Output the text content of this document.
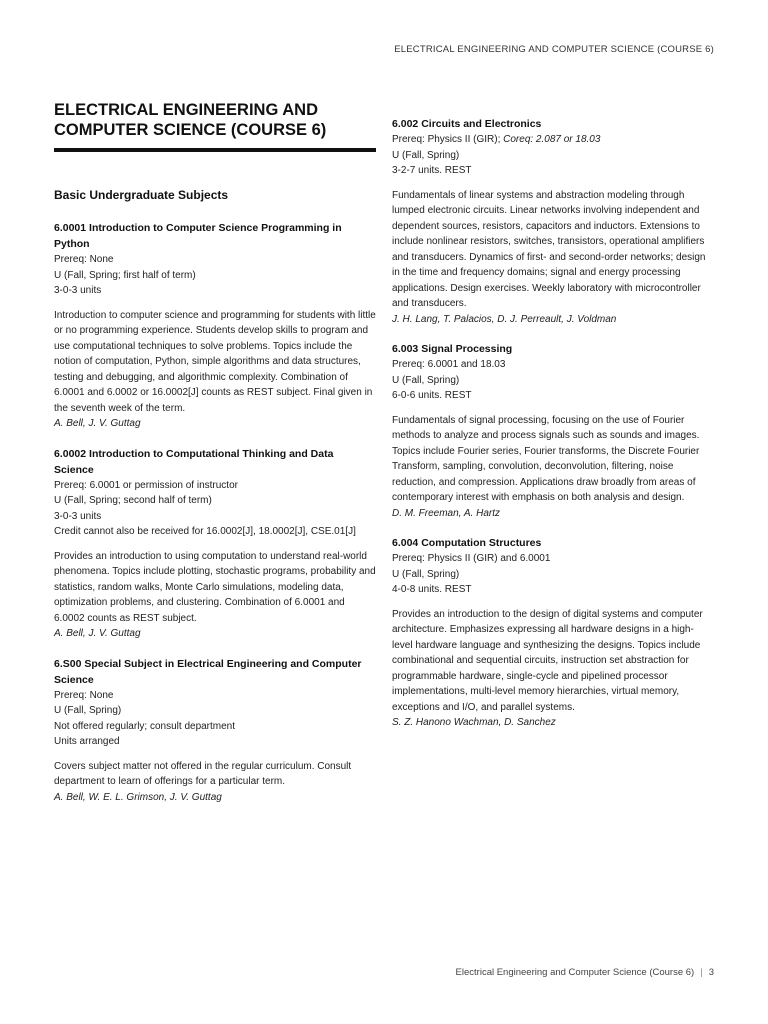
ELECTRICAL ENGINEERING AND COMPUTER SCIENCE (COURSE 6)
ELECTRICAL ENGINEERING AND COMPUTER SCIENCE (COURSE 6)
Basic Undergraduate Subjects
6.0001 Introduction to Computer Science Programming in Python
Prereq: None
U (Fall, Spring; first half of term)
3-0-3 units
Introduction to computer science and programming for students with little or no programming experience. Students develop skills to program and use computational techniques to solve problems. Topics include the notion of computation, Python, simple algorithms and data structures, testing and debugging, and algorithmic complexity. Combination of 6.0001 and 6.0002 or 16.0002[J] counts as REST subject. Final given in the seventh week of the term.
A. Bell, J. V. Guttag
6.0002 Introduction to Computational Thinking and Data Science
Prereq: 6.0001 or permission of instructor
U (Fall, Spring; second half of term)
3-0-3 units
Credit cannot also be received for 16.0002[J], 18.0002[J], CSE.01[J]
Provides an introduction to using computation to understand real-world phenomena. Topics include plotting, stochastic programs, probability and statistics, random walks, Monte Carlo simulations, modeling data, optimization problems, and clustering. Combination of 6.0001 and 6.0002 counts as REST subject.
A. Bell, J. V. Guttag
6.S00 Special Subject in Electrical Engineering and Computer Science
Prereq: None
U (Fall, Spring)
Not offered regularly; consult department
Units arranged
Covers subject matter not offered in the regular curriculum. Consult department to learn of offerings for a particular term.
A. Bell, W. E. L. Grimson, J. V. Guttag
6.002 Circuits and Electronics
Prereq: Physics II (GIR); Coreq: 2.087 or 18.03
U (Fall, Spring)
3-2-7 units. REST
Fundamentals of linear systems and abstraction modeling through lumped electronic circuits. Linear networks involving independent and dependent sources, resistors, capacitors and inductors. Extensions to include nonlinear resistors, switches, transistors, operational amplifiers and transducers. Dynamics of first- and second-order networks; design in the time and frequency domains; signal and energy processing applications. Design exercises. Weekly laboratory with microcontroller and transducers.
J. H. Lang, T. Palacios, D. J. Perreault, J. Voldman
6.003 Signal Processing
Prereq: 6.0001 and 18.03
U (Fall, Spring)
6-0-6 units. REST
Fundamentals of signal processing, focusing on the use of Fourier methods to analyze and process signals such as sounds and images. Topics include Fourier series, Fourier transforms, the Discrete Fourier Transform, sampling, convolution, deconvolution, filtering, noise reduction, and compression. Applications draw broadly from areas of contemporary interest with emphasis on both analysis and design.
D. M. Freeman, A. Hartz
6.004 Computation Structures
Prereq: Physics II (GIR) and 6.0001
U (Fall, Spring)
4-0-8 units. REST
Provides an introduction to the design of digital systems and computer architecture. Emphasizes expressing all hardware designs in a high-level hardware language and synthesizing the designs. Topics include combinational and sequential circuits, instruction set abstraction for programmable hardware, single-cycle and pipelined processor implementations, multi-level memory hierarchies, virtual memory, exceptions and I/O, and parallel systems.
S. Z. Hanono Wachman, D. Sanchez
Electrical Engineering and Computer Science (Course 6) | 3
